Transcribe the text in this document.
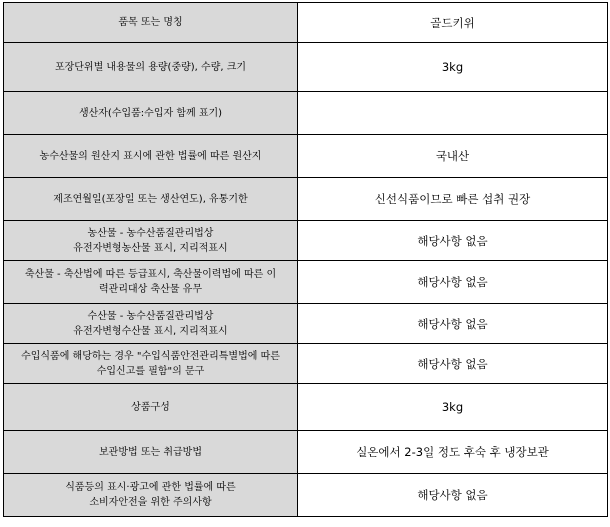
품목 또는 명칭	골드키위

포장단위별 내용물의 용량(중량), 수량, 크기	3kg

생산자(수입품:수입자 함께 표기)	

농수산물의 원산지 표시에 관한 법률에 따른 원산지	국내산

제조연월일(포장일 또는 생산연도), 유통기한	신선식품이므로 빠른 섭취 권장

농산물 - 농수산품질관리법상
유전자변형농산물 표시, 지리적표시	해당사항 없음

축산물 - 축산법에 따른 등급표시, 축산물이력법에 따른 이
력관리대상 축산물 유무	해당사항 없음

수산물 - 농수산품질관리법상
유전자변형수산물 표시, 지리적표시	해당사항 없음

수입식품에 해당하는 경우 "수입식품안전관리특별법에 따른
수입신고를 필함"의 문구	해당사항 없음

상품구성	3kg

보관방법 또는 취급방법	실온에서 2-3일 정도 후숙 후 냉장보관

식품등의 표시·광고에 관한 법률에 따른
소비자안전을 위한 주의사항	해당사항 없음
